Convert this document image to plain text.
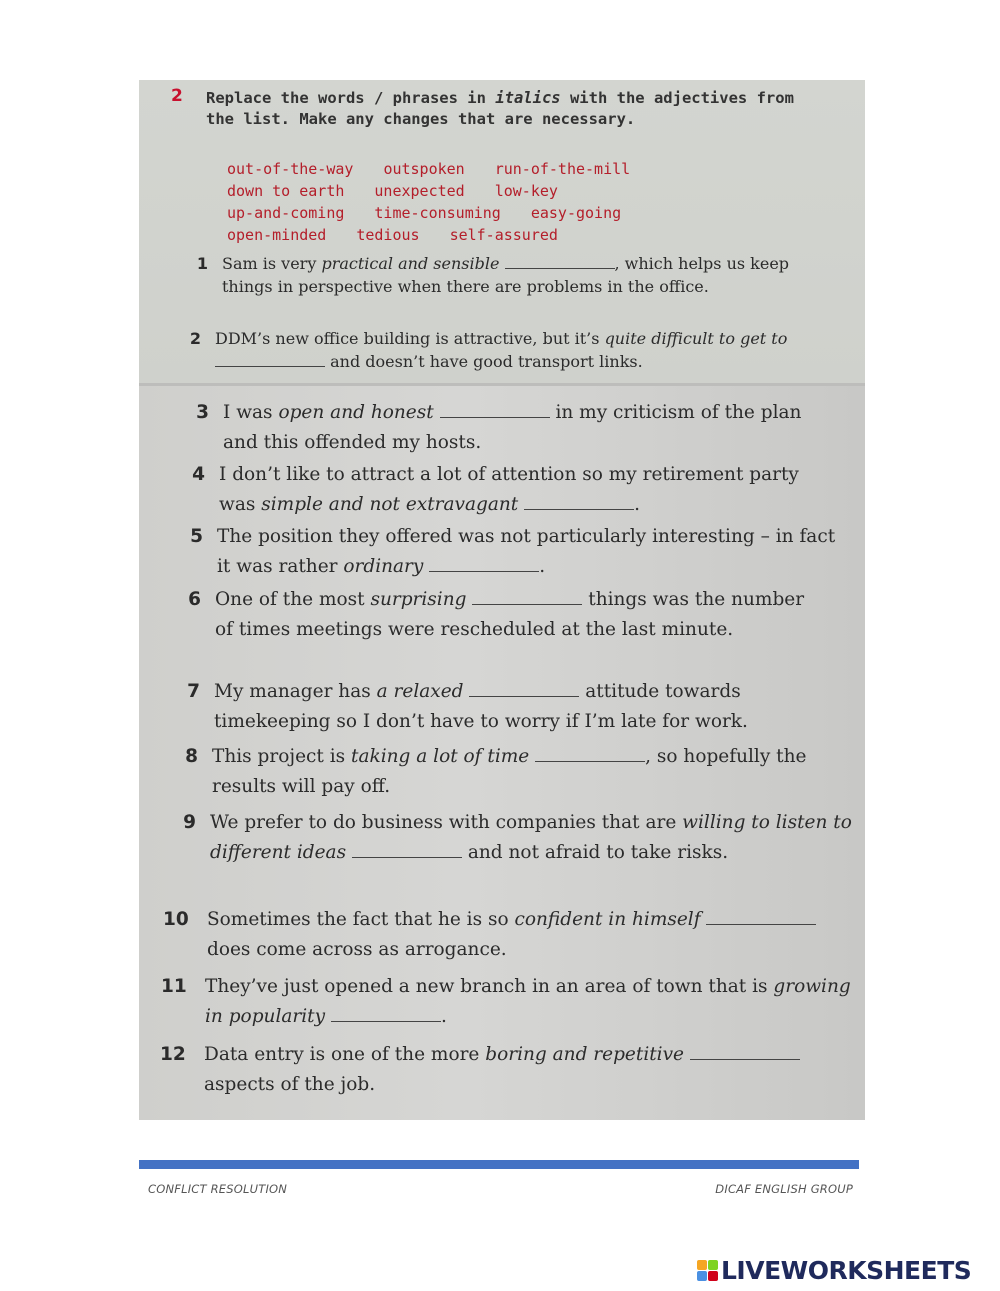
2 Replace the words / phrases in italics with the adjectives from the list. Make any changes that are necessary.
out-of-the-way outspoken run-of-the-mill
down to earth unexpected low-key
up-and-coming time-consuming easy-going
open-minded tedious self-assured
1 Sam is very practical and sensible	, which helps us keep things in perspective when there are problems in the office.
2 DDM’s new office building is attractive, but it’s quite difficult to get to  and doesn’t have good transport links.
3 I was open and honest	in my criticism of the plan and this offended my hosts.
4 I don’t like to attract a lot of attention so my retirement party was simple and not extravagant	.
5 The position they offered was not particularly interesting – in fact it was rather ordinary	.
6 One of the most surprising	things was the number of times meetings were rescheduled at the last minute.
7 My manager has a relaxed	attitude towards timekeeping so I don’t have to worry if I’m late for work.
8 This project is taking a lot of time	, so hopefully the results will pay off.
9 We prefer to do business with companies that are willing to listen to different ideas	and not afraid to take risks.
10 Sometimes the fact that he is so confident in himself  does come across as arrogance.
11 They’ve just opened a new branch in an area of town that is growing in popularity	.
12 Data entry is one of the more boring and repetitive  aspects of the job.
CONFLICT RESOLUTION	DICAF ENGLISH GROUP
LIVEWORKSHEETS
